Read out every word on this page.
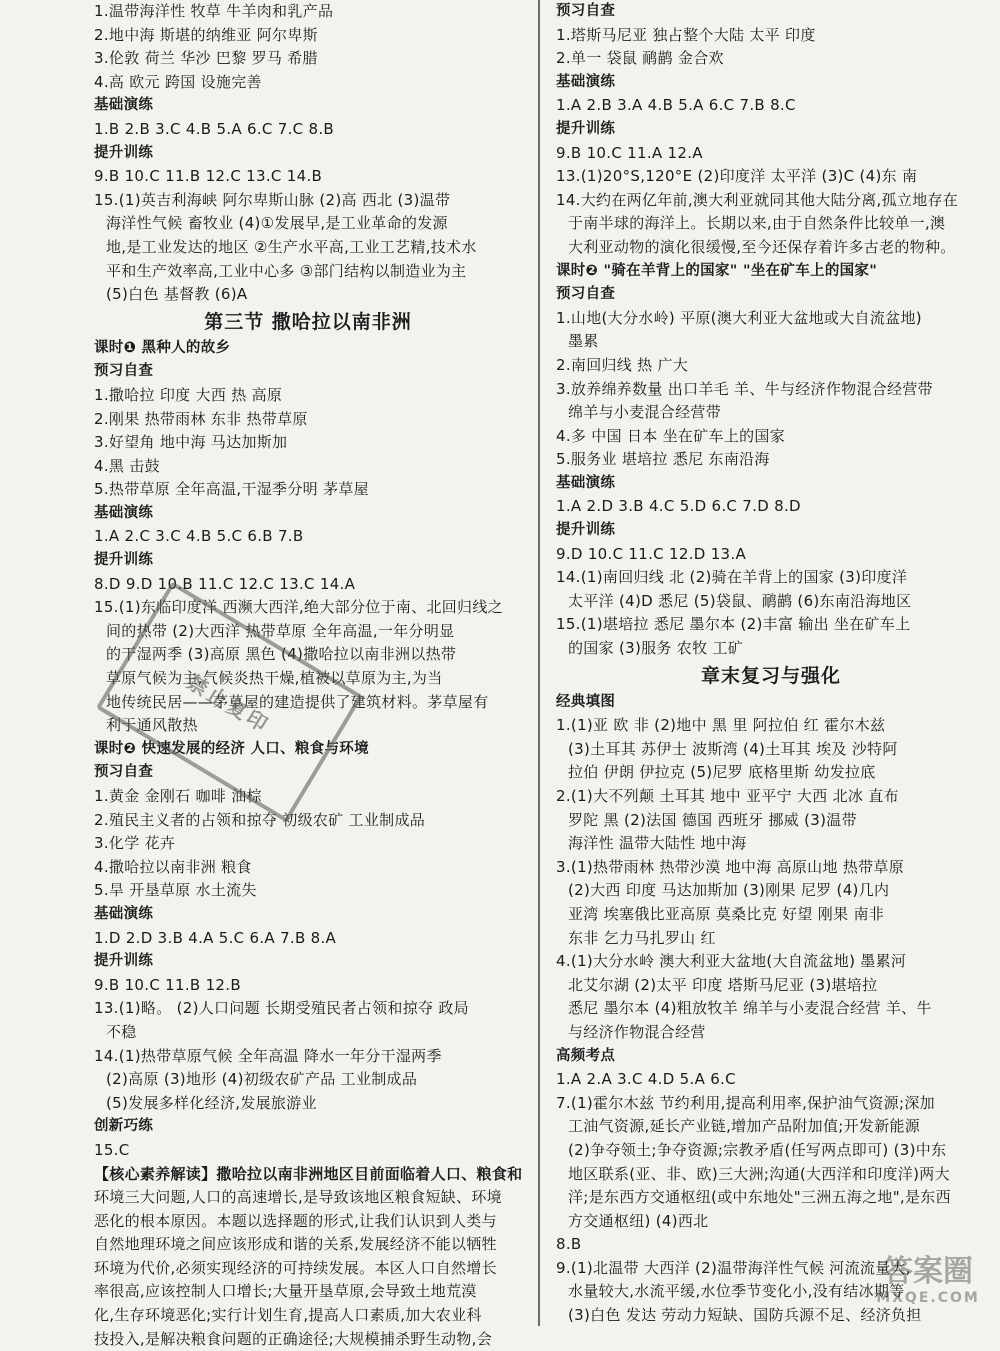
1.温带海洋性 牧草 牛羊肉和乳产品
2.地中海 斯堪的纳维亚 阿尔卑斯
3.伦敦 荷兰 华沙 巴黎 罗马 希腊
4.高 欧元 跨国 设施完善
基础演练
1.B 2.B 3.C 4.B 5.A 6.C 7.C 8.B
提升训练
9.B 10.C 11.B 12.C 13.C 14.B
15.(1)英吉利海峡 阿尔卑斯山脉 (2)高 西北 (3)温带
海洋性气候 畜牧业 (4)①发展早,是工业革命的发源
地,是工业发达的地区 ②生产水平高,工业工艺精,技术水
平和生产效率高,工业中心多 ③部门结构以制造业为主
(5)白色 基督教 (6)A
第三节 撒哈拉以南非洲
课时❶ 黑种人的故乡
预习自查
1.撒哈拉 印度 大西 热 高原
2.刚果 热带雨林 东非 热带草原
3.好望角 地中海 马达加斯加
4.黑 击鼓
5.热带草原 全年高温,干湿季分明 茅草屋
基础演练
1.A 2.C 3.C 4.B 5.C 6.B 7.B
提升训练
8.D 9.D 10.B 11.C 12.C 13.C 14.A
15.(1)东临印度洋 西濒大西洋,绝大部分位于南、北回归线之
间的热带 (2)大西洋 热带草原 全年高温,一年分明显
的干湿两季 (3)高原 黑色 (4)撒哈拉以南非洲以热带
草原气候为主,气候炎热干燥,植被以草原为主,为当
地传统民居——茅草屋的建造提供了建筑材料。茅草屋有
利于通风散热
课时❷ 快速发展的经济 人口、粮食与环境
预习自查
1.黄金 金刚石 咖啡 油棕
2.殖民主义者的占领和掠夺 初级农矿 工业制成品
3.化学 花卉
4.撒哈拉以南非洲 粮食
5.旱 开垦草原 水土流失
基础演练
1.D 2.D 3.B 4.A 5.C 6.A 7.B 8.A
提升训练
9.B 10.C 11.B 12.B
13.(1)略。 (2)人口问题 长期受殖民者占领和掠夺 政局
不稳
14.(1)热带草原气候 全年高温 降水一年分干湿两季
(2)高原 (3)地形 (4)初级农矿产品 工业制成品
(5)发展多样化经济,发展旅游业
创新巧练
15.C
【核心素养解读】撒哈拉以南非洲地区目前面临着人口、粮食和
环境三大问题,人口的高速增长,是导致该地区粮食短缺、环境
恶化的根本原因。本题以选择题的形式,让我们认识到人类与
自然地理环境之间应该形成和谐的关系,发展经济不能以牺牲
环境为代价,必须实现经济的可持续发展。本区人口自然增长
率很高,应该控制人口增长;大量开垦草原,会导致土地荒漠
化,生存环境恶化;实行计划生育,提高人口素质,加大农业科
技投入,是解决粮食问题的正确途径;大规模捕杀野生动物,会
预习自查
1.塔斯马尼亚 独占整个大陆 太平 印度
2.单一 袋鼠 鸸鹋 金合欢
基础演练
1.A 2.B 3.A 4.B 5.A 6.C 7.B 8.C
提升训练
9.B 10.C 11.A 12.A
13.(1)20°S,120°E (2)印度洋 太平洋 (3)C (4)东 南
14.大约在两亿年前,澳大利亚就同其他大陆分离,孤立地存在
于南半球的海洋上。长期以来,由于自然条件比较单一,澳
大利亚动物的演化很缓慢,至今还保存着许多古老的物种。
课时❷ "骑在羊背上的国家" "坐在矿车上的国家"
预习自查
1.山地(大分水岭) 平原(澳大利亚大盆地或大自流盆地)
墨累
2.南回归线 热 广大
3.放养绵养数量 出口羊毛 羊、牛与经济作物混合经营带
绵羊与小麦混合经营带
4.多 中国 日本 坐在矿车上的国家
5.服务业 堪培拉 悉尼 东南沿海
基础演练
1.A 2.D 3.B 4.C 5.D 6.C 7.D 8.D
提升训练
9.D 10.C 11.C 12.D 13.A
14.(1)南回归线 北 (2)骑在羊背上的国家 (3)印度洋
太平洋 (4)D 悉尼 (5)袋鼠、鸸鹋 (6)东南沿海地区
15.(1)堪培拉 悉尼 墨尔本 (2)丰富 输出 坐在矿车上
的国家 (3)服务 农牧 工矿
章末复习与强化
经典填图
1.(1)亚 欧 非 (2)地中 黑 里 阿拉伯 红 霍尔木兹
(3)土耳其 苏伊士 波斯湾 (4)土耳其 埃及 沙特阿
拉伯 伊朗 伊拉克 (5)尼罗 底格里斯 幼发拉底
2.(1)大不列颠 土耳其 地中 亚平宁 大西 北冰 直布
罗陀 黑 (2)法国 德国 西班牙 挪威 (3)温带
海洋性 温带大陆性 地中海
3.(1)热带雨林 热带沙漠 地中海 高原山地 热带草原
(2)大西 印度 马达加斯加 (3)刚果 尼罗 (4)几内
亚湾 埃塞俄比亚高原 莫桑比克 好望 刚果 南非
东非 乞力马扎罗山 红
4.(1)大分水岭 澳大利亚大盆地(大自流盆地) 墨累河
北艾尔湖 (2)太平 印度 塔斯马尼亚 (3)堪培拉
悉尼 墨尔本 (4)粗放牧羊 绵羊与小麦混合经营 羊、牛
与经济作物混合经营
高频考点
1.A 2.A 3.C 4.D 5.A 6.C
7.(1)霍尔木兹 节约利用,提高利用率,保护油气资源;深加
工油气资源,延长产业链,增加产品附加值;开发新能源
(2)争夺领土;争夺资源;宗教矛盾(任写两点即可) (3)中东
地区联系(亚、非、欧)三大洲;沟通(大西洋和印度洋)两大
洋;是东西方交通枢纽(或中东地处"三洲五海之地",是东西
方交通枢纽) (4)西北
8.B
9.(1)北温带 大西洋 (2)温带海洋性气候 河流流量大,
水量较大,水流平缓,水位季节变化小,没有结冰期等
(3)白色 发达 劳动力短缺、国防兵源不足、经济负担
禁止复印
答案圈
MXQE.COM
